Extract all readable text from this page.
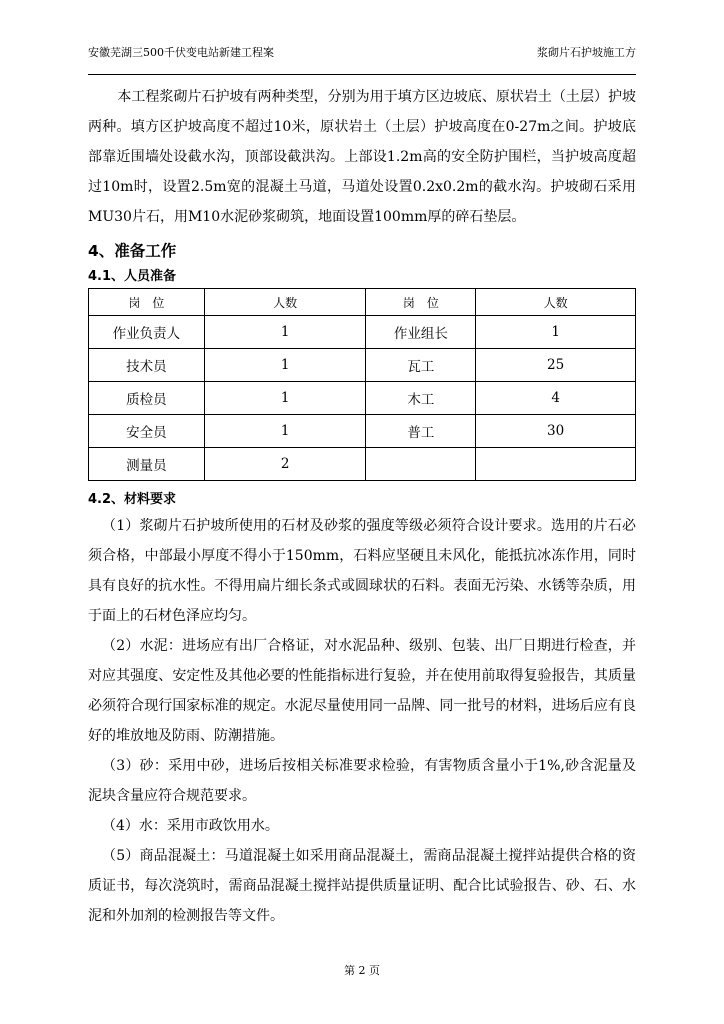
安徽芜湖三500千伏变电站新建工程案	浆砌片石护坡施工方

本工程浆砌片石护坡有两种类型，分别为用于填方区边坡底、原状岩土（土层）护坡两种。填方区护坡高度不超过10米，原状岩土（土层）护坡高度在0-27m之间。护坡底部靠近围墙处设截水沟，顶部设截洪沟。上部设1.2m高的安全防护围栏，当护坡高度超过10m时，设置2.5m宽的混凝土马道，马道处设置0.2x0.2m的截水沟。护坡砌石采用MU30片石，用M10水泥砂浆砌筑，地面设置100mm厚的碎石垫层。

4、准备工作
4.1、人员准备
岗　位	人数	岗　位	人数
作业负责人	1	作业组长	1
技术员	1	瓦工	25
质检员	1	木工	4
安全员	1	普工	30
测量员	2		
4.2、材料要求

（1）浆砌片石护坡所使用的石材及砂浆的强度等级必须符合设计要求。选用的片石必须合格，中部最小厚度不得小于150mm，石料应坚硬且未风化，能抵抗冰冻作用，同时具有良好的抗水性。不得用扁片细长条式或圆球状的石料。表面无污染、水锈等杂质，用于面上的石材色泽应均匀。

（2）水泥：进场应有出厂合格证，对水泥品种、级别、包装、出厂日期进行检查，并对应其强度、安定性及其他必要的性能指标进行复验，并在使用前取得复验报告，其质量必须符合现行国家标准的规定。水泥尽量使用同一品牌、同一批号的材料，进场后应有良好的堆放地及防雨、防潮措施。

（3）砂：采用中砂，进场后按相关标准要求检验，有害物质含量小于1%,砂含泥量及泥块含量应符合规范要求。

（4）水：采用市政饮用水。

（5）商品混凝土：马道混凝土如采用商品混凝土，需商品混凝土搅拌站提供合格的资质证书，每次浇筑时，需商品混凝土搅拌站提供质量证明、配合比试验报告、砂、石、水泥和外加剂的检测报告等文件。

第 2 页
